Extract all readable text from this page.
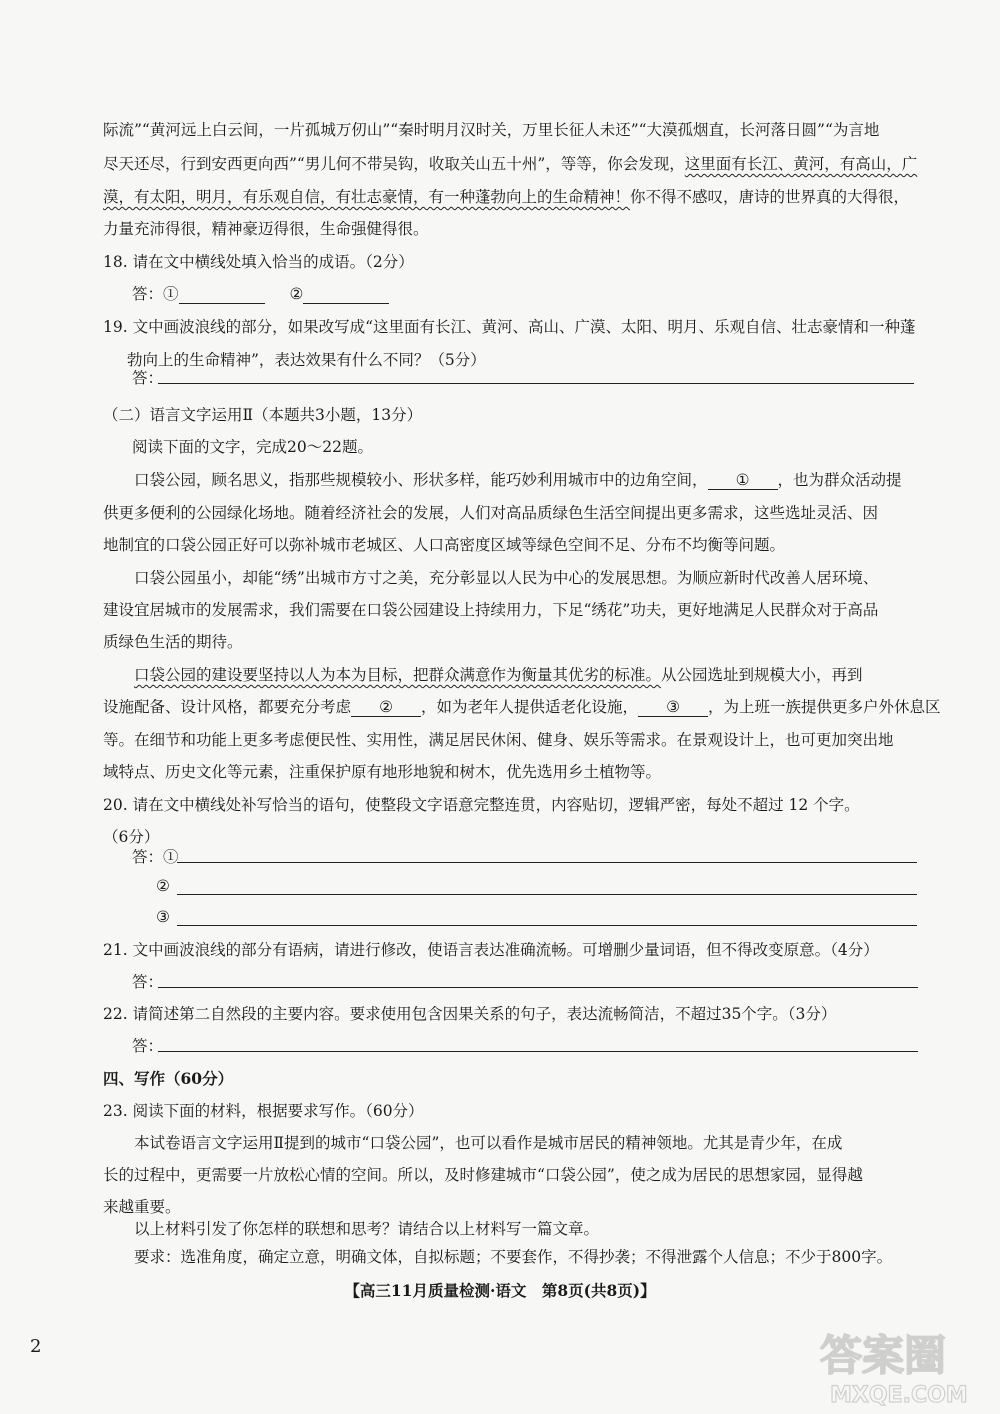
际流”“黄河远上白云间，一片孤城万仞山”“秦时明月汉时关，万里长征人未还”“大漠孤烟直，长河落日圆”“为言地
尽天还尽，行到安西更向西”“男儿何不带吴钩，收取关山五十州”，等等，你会发现，这里面有长江、黄河，有高山，广
漠，有太阳，明月，有乐观自信，有壮志豪情，有一种蓬勃向上的生命精神！你不得不感叹，唐诗的世界真的大得很，
力量充沛得很，精神豪迈得很，生命强健得很。
18. 请在文中横线处填入恰当的成语。（2分）
答：①	②
19. 文中画波浪线的部分，如果改写成“这里面有长江、黄河、高山、广漠、太阳、明月、乐观自信、壮志豪情和一种蓬
勃向上的生命精神”，表达效果有什么不同？（5分）
答：
（二）语言文字运用Ⅱ（本题共3小题，13分）
阅读下面的文字，完成20～22题。
口袋公园，顾名思义，指那些规模较小、形状多样，能巧妙利用城市中的边角空间， ① ，也为群众活动提
供更多便利的公园绿化场地。随着经济社会的发展，人们对高品质绿色生活空间提出更多需求，这些选址灵活、因
地制宜的口袋公园正好可以弥补城市老城区、人口高密度区域等绿色空间不足、分布不均衡等问题。
口袋公园虽小，却能“绣”出城市方寸之美，充分彰显以人民为中心的发展思想。为顺应新时代改善人居环境、
建设宜居城市的发展需求，我们需要在口袋公园建设上持续用力，下足“绣花”功夫，更好地满足人民群众对于高品
质绿色生活的期待。
口袋公园的建设要坚持以人为本为目标，把群众满意作为衡量其优劣的标准。从公园选址到规模大小，再到
设施配备、设计风格，都要充分考虑 ② ，如为老年人提供适老化设施， ③ ，为上班一族提供更多户外休息区
等。在细节和功能上更多考虑便民性、实用性，满足居民休闲、健身、娱乐等需求。在景观设计上，也可更加突出地
域特点、历史文化等元素，注重保护原有地形地貌和树木，优先选用乡土植物等。
20. 请在文中横线处补写恰当的语句，使整段文字语意完整连贯，内容贴切，逻辑严密，每处不超过 12 个字。
（6分）
答：①
②
③
21. 文中画波浪线的部分有语病，请进行修改，使语言表达准确流畅。可增删少量词语，但不得改变原意。（4分）
答：
22. 请简述第二自然段的主要内容。要求使用包含因果关系的句子，表达流畅简洁，不超过35个字。（3分）
答：
四、写作（60分）
23. 阅读下面的材料，根据要求写作。（60分）
本试卷语言文字运用Ⅱ提到的城市“口袋公园”，也可以看作是城市居民的精神领地。尤其是青少年，在成
长的过程中，更需要一片放松心情的空间。所以，及时修建城市“口袋公园”，使之成为居民的思想家园，显得越
来越重要。
以上材料引发了你怎样的联想和思考？请结合以上材料写一篇文章。
要求：选准角度，确定立意，明确文体，自拟标题；不要套作，不得抄袭；不得泄露个人信息；不少于800字。
【高三11月质量检测·语文　第8页(共8页)】
2	答案圈
MXQE.COM
